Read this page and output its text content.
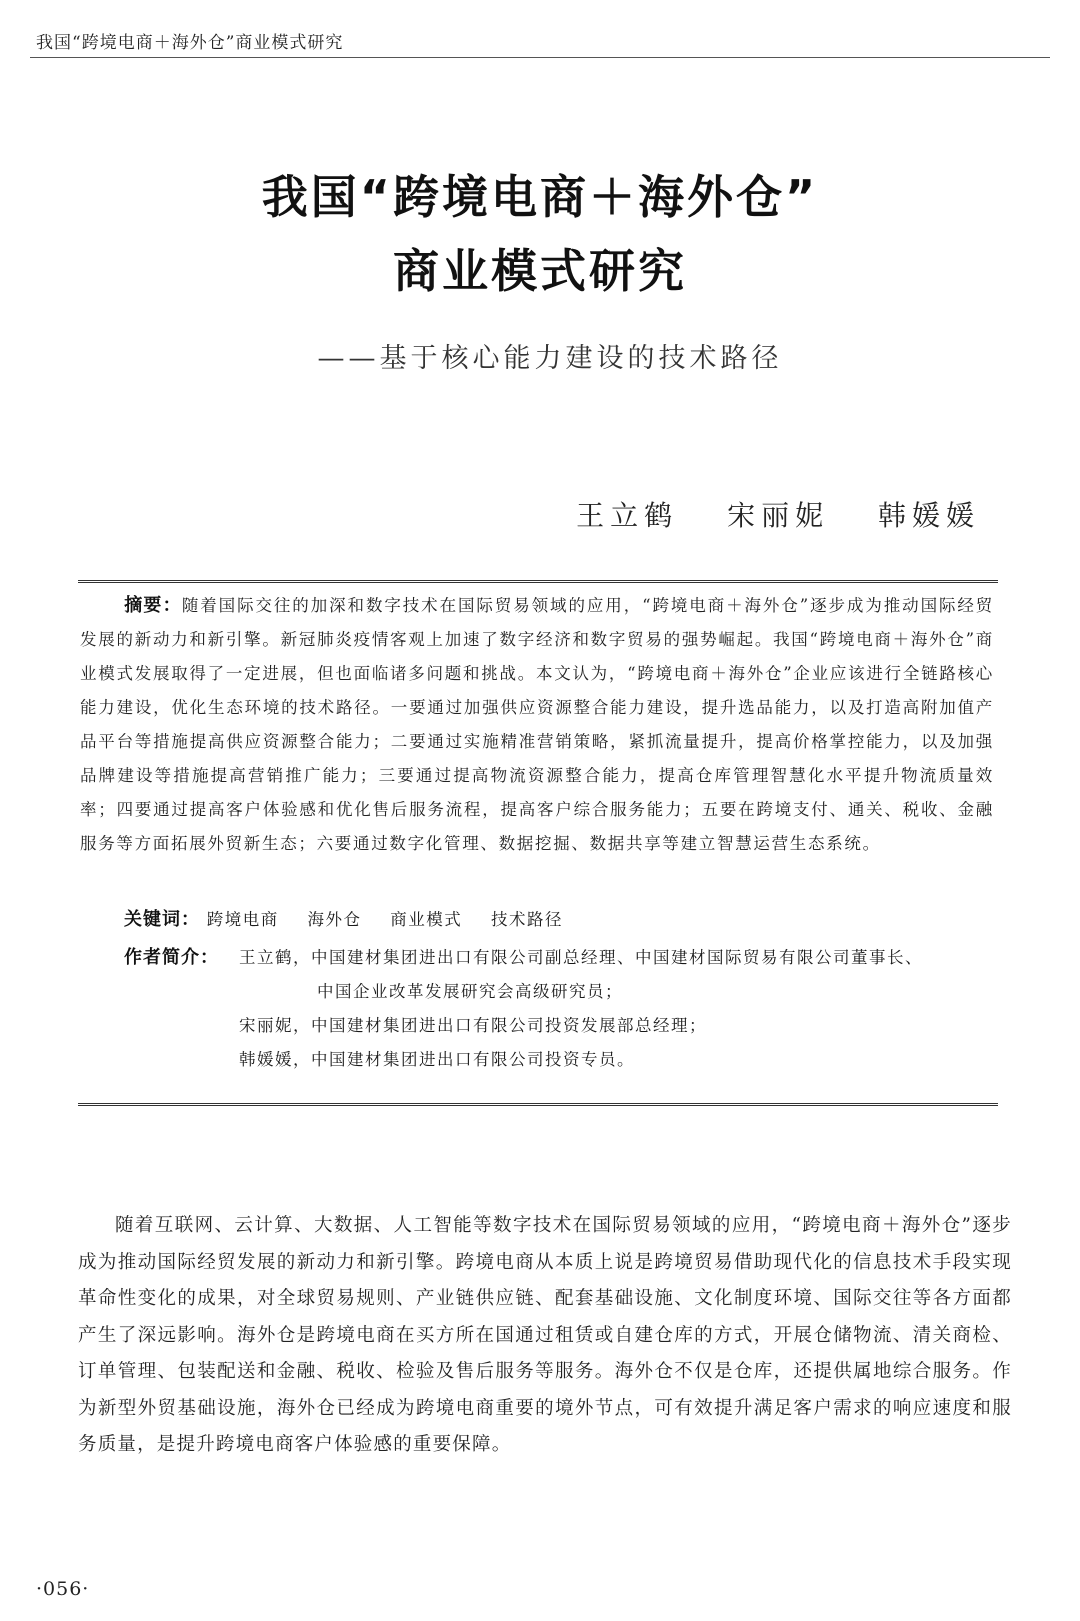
我国“跨境电商＋海外仓”商业模式研究
我国“跨境电商＋海外仓”
商业模式研究
——基于核心能力建设的技术路径
王立鹤 宋丽妮 韩媛媛
摘要：随着国际交往的加深和数字技术在国际贸易领域的应用，“跨境电商＋海外仓”逐步成为推动国际经贸发展的新动力和新引擎。新冠肺炎疫情客观上加速了数字经济和数字贸易的强势崛起。我国“跨境电商＋海外仓”商业模式发展取得了一定进展，但也面临诸多问题和挑战。本文认为，“跨境电商＋海外仓”企业应该进行全链路核心能力建设，优化生态环境的技术路径。一要通过加强供应资源整合能力建设，提升选品能力，以及打造高附加值产品平台等措施提高供应资源整合能力；二要通过实施精准营销策略，紧抓流量提升，提高价格掌控能力，以及加强品牌建设等措施提高营销推广能力；三要通过提高物流资源整合能力，提高仓库管理智慧化水平提升物流质量效率；四要通过提高客户体验感和优化售后服务流程，提高客户综合服务能力；五要在跨境支付、通关、税收、金融服务等方面拓展外贸新生态；六要通过数字化管理、数据挖掘、数据共享等建立智慧运营生态系统。
关键词： 跨境电商 海外仓 商业模式 技术路径
作者简介： 王立鹤，中国建材集团进出口有限公司副总经理、中国建材国际贸易有限公司董事长、
中国企业改革发展研究会高级研究员；

宋丽妮，中国建材集团进出口有限公司投资发展部总经理；

韩媛媛，中国建材集团进出口有限公司投资专员。

随着互联网、云计算、大数据、人工智能等数字技术在国际贸易领域的应用，“跨境电商＋海外仓”逐步成为推动国际经贸发展的新动力和新引擎。跨境电商从本质上说是跨境贸易借助现代化的信息技术手段实现革命性变化的成果，对全球贸易规则、产业链供应链、配套基础设施、文化制度环境、国际交往等各方面都产生了深远影响。海外仓是跨境电商在买方所在国通过租赁或自建仓库的方式，开展仓储物流、清关商检、订单管理、包装配送和金融、税收、检验及售后服务等服务。海外仓不仅是仓库，还提供属地综合服务。作为新型外贸基础设施，海外仓已经成为跨境电商重要的境外节点，可有效提升满足客户需求的响应速度和服务质量，是提升跨境电商客户体验感的重要保障。
·056·
